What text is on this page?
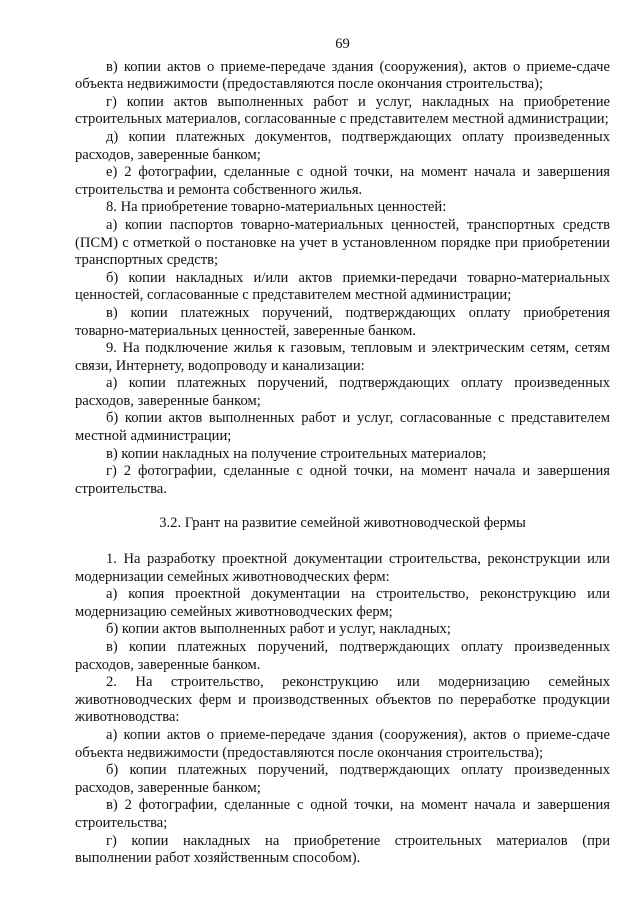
69

в) копии актов о приеме-передаче здания (сооружения), актов о приеме-сдаче объекта недвижимости (предоставляются после окончания строительства);

г) копии актов выполненных работ и услуг, накладных на приобретение строительных материалов, согласованные с представителем местной администрации;

д) копии платежных документов, подтверждающих оплату произведенных расходов, заверенные банком;

е) 2 фотографии, сделанные с одной точки, на момент начала и завершения строительства и ремонта собственного жилья.

8. На приобретение товарно-материальных ценностей:

а) копии паспортов товарно-материальных ценностей, транспортных средств (ПСМ) с отметкой о постановке на учет в установленном порядке при приобретении транспортных средств;

б) копии накладных и/или актов приемки-передачи товарно-материальных ценностей, согласованные с представителем местной администрации;

в) копии платежных поручений, подтверждающих оплату приобретения товарно-материальных ценностей, заверенные банком.

9. На подключение жилья к газовым, тепловым и электрическим сетям, сетям связи, Интернету, водопроводу и канализации:

а) копии платежных поручений, подтверждающих оплату произведенных расходов, заверенные банком;

б) копии актов выполненных работ и услуг, согласованные с представителем местной администрации;

в) копии накладных на получение строительных материалов;

г) 2 фотографии, сделанные с одной точки, на момент начала и завершения строительства.

3.2. Грант на развитие семейной животноводческой фермы

1. На разработку проектной документации строительства, реконструкции или модернизации семейных животноводческих ферм:

а) копия проектной документации на строительство, реконструкцию или модернизацию семейных животноводческих ферм;

б) копии актов выполненных работ и услуг, накладных;

в) копии платежных поручений, подтверждающих оплату произведенных расходов, заверенные банком.

2. На строительство, реконструкцию или модернизацию семейных животноводческих ферм и производственных объектов по переработке продукции животноводства:

а) копии актов о приеме-передаче здания (сооружения), актов о приеме-сдаче объекта недвижимости (предоставляются после окончания строительства);

б) копии платежных поручений, подтверждающих оплату произведенных расходов, заверенные банком;

в) 2 фотографии, сделанные с одной точки, на момент начала и завершения строительства;

г) копии накладных на приобретение строительных материалов (при выполнении работ хозяйственным способом).
